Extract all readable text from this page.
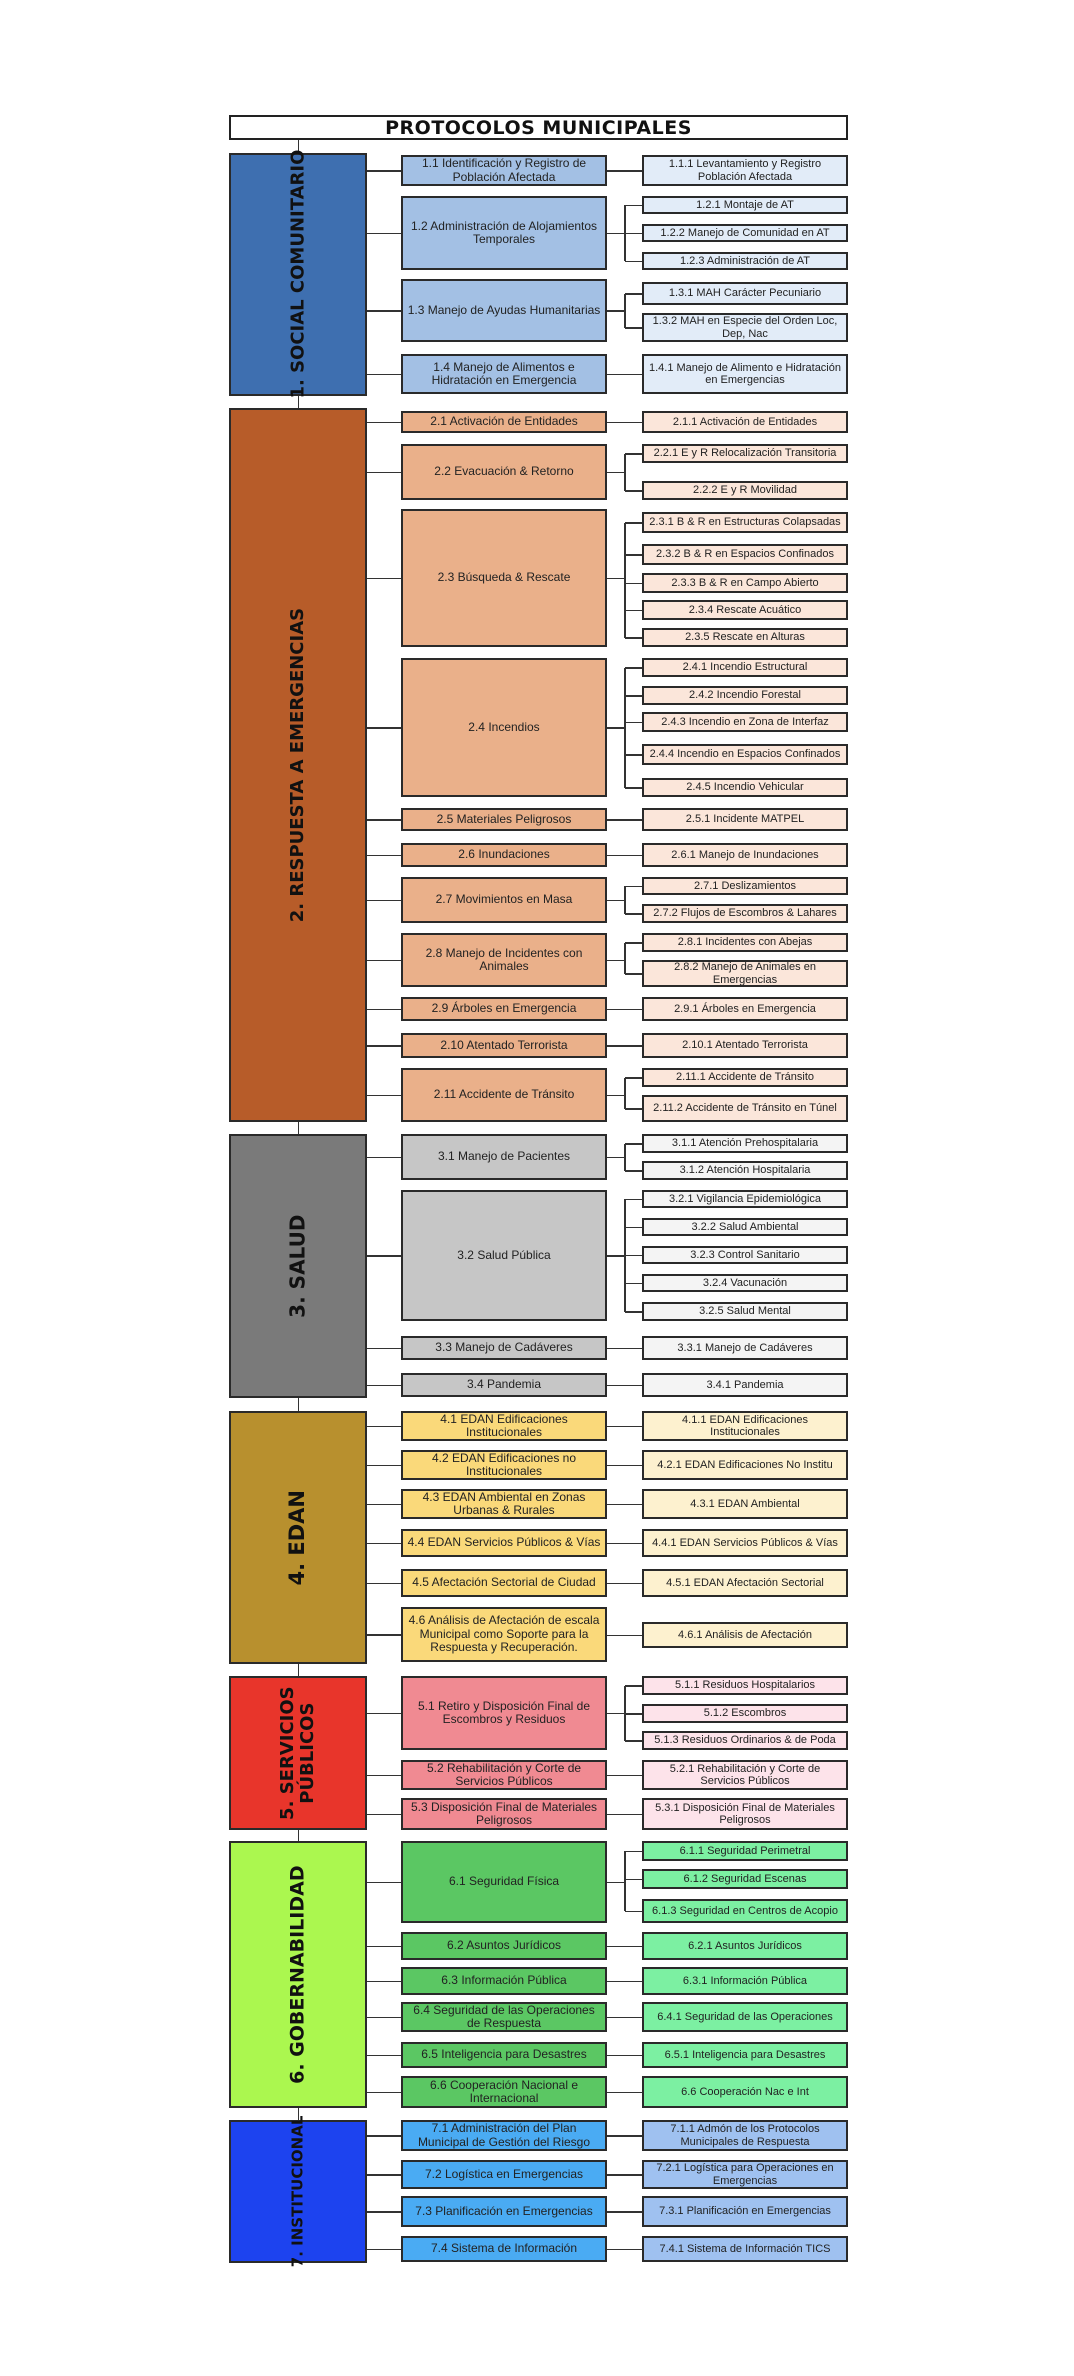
PROTOCOLOS MUNICIPALES
1. SOCIAL COMUNITARIO	1.1 Identificación y Registro de Población Afectada
1.1.1 Levantamiento y Registro Población Afectada
1.2 Administración de Alojamientos Temporales
1.2.1 Montaje de AT
1.2.2 Manejo de Comunidad en AT
1.2.3 Administración de AT
1.3 Manejo de Ayudas Humanitarias
1.3.1 MAH Carácter Pecuniario
1.3.2 MAH en Especie del Orden Loc, Dep, Nac
1.4 Manejo de Alimentos e Hidratación en Emergencia
1.4.1 Manejo de Alimento e Hidratación en Emergencias
2. RESPUESTA A EMERGENCIAS
2.1 Activación de Entidades	2.1.1 Activación de Entidades
2.2 Evacuación & Retorno
2.2.1 E y R Relocalización Transitoria
2.2.2 E y R Movilidad
2.3 Búsqueda & Rescate
2.3.1 B & R en Estructuras Colapsadas
2.3.2 B & R en Espacios Confinados
2.3.3 B & R en Campo Abierto
2.3.4 Rescate Acuático
2.3.5 Rescate en Alturas
2.4 Incendios
2.4.1 Incendio Estructural
2.4.2 Incendio Forestal
2.4.3 Incendio en Zona de Interfaz
2.4.4 Incendio en Espacios Confinados
2.4.5 Incendio Vehicular
2.5 Materiales Peligrosos	2.5.1 Incidente MATPEL
2.6 Inundaciones	2.6.1 Manejo de Inundaciones
2.7 Movimientos en Masa
2.7.1 Deslizamientos
2.7.2 Flujos de Escombros & Lahares
2.8 Manejo de Incidentes con Animales
2.8.1 Incidentes con Abejas
2.8.2 Manejo de Animales en Emergencias
2.9 Árboles en Emergencia	2.9.1 Árboles en Emergencia
2.10 Atentado Terrorista	2.10.1 Atentado Terrorista
2.11 Accidente de Tránsito
2.11.1 Accidente de Tránsito
2.11.2 Accidente de Tránsito en Túnel
3. SALUD
3.1 Manejo de Pacientes
3.1.1 Atención Prehospitalaria
3.1.2 Atención Hospitalaria
3.2 Salud Pública
3.2.1 Vigilancia Epidemiológica
3.2.2 Salud Ambiental
3.2.3 Control Sanitario
3.2.4 Vacunación
3.2.5 Salud Mental
3.3 Manejo de Cadáveres	3.3.1 Manejo de Cadáveres
3.4 Pandemia	3.4.1 Pandemia
4. EDAN
4.1 EDAN Edificaciones Institucionales
4.1.1 EDAN Edificaciones Institucionales
4.2 EDAN Edificaciones no Institucionales	4.2.1 EDAN Edificaciones No Institu
4.3 EDAN Ambiental en Zonas Urbanas & Rurales	4.3.1 EDAN Ambiental
4.4 EDAN Servicios Públicos & Vías	4.4.1 EDAN Servicios Públicos & Vías
4.5 Afectación Sectorial de Ciudad	4.5.1 EDAN Afectación Sectorial
4.6 Análisis de Afectación de escala Municipal como Soporte para la Respuesta y Recuperación.
4.6.1 Análisis de Afectación
5. SERVICIOS PÚBLICOS	5.1 Retiro y Disposición Final de Escombros y Residuos
5.1.1 Residuos Hospitalarios
5.1.2 Escombros
5.1.3 Residuos Ordinarios & de Poda
5.2 Rehabilitación y Corte de Servicios Públicos
5.2.1 Rehabilitación y Corte de Servicios Públicos
5.3 Disposición Final de Materiales Peligrosos
5.3.1 Disposición Final de Materiales Peligrosos
6. GOBERNABILIDAD	6.1 Seguridad Física
6.1.1 Seguridad Perimetral
6.1.2 Seguridad Escenas
6.1.3 Seguridad en Centros de Acopio
6.2 Asuntos Jurídicos	6.2.1 Asuntos Jurídicos
6.3 Información Pública	6.3.1 Información Pública
6.4 Seguridad de las Operaciones de Respuesta	6.4.1 Seguridad de las Operaciones
6.5 Inteligencia para Desastres	6.5.1 Inteligencia para Desastres
6.6 Cooperación Nacional e Internacional	6.6 Cooperación Nac e Int
7. INSTITUCIONAL	7.1 Administración del Plan Municipal de Gestión del Riesgo
7.1.1 Admón de los Protocolos Municipales de Respuesta
7.2 Logística en Emergencias	7.2.1 Logística para Operaciones en Emergencias
7.3 Planificación en Emergencias	7.3.1 Planificación en Emergencias
7.4 Sistema de Información	7.4.1 Sistema de Información TICS
